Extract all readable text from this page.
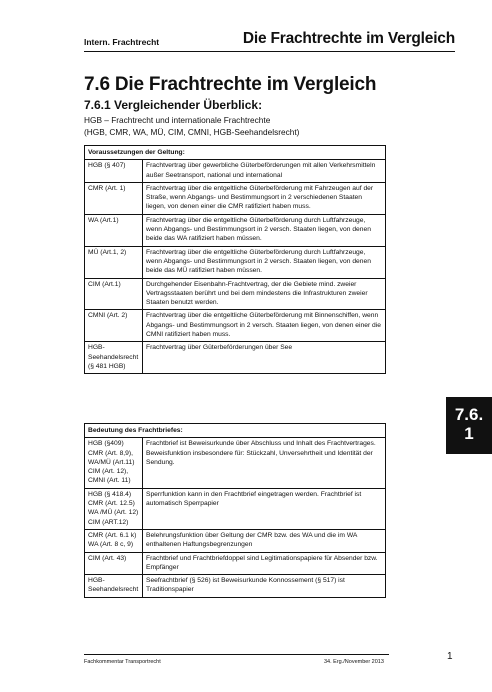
Intern. Frachtrecht	Die Frachtrechte im Vergleich
7.6 Die Frachtrechte im Vergleich
7.6.1 Vergleichender Überblick:
HGB – Frachtrecht und internationale Frachtrechte
(HGB, CMR, WA, MÜ, CIM, CMNI, HGB-Seehandelsrecht)
Voraussetzungen der Geltung:	
HGB (§ 407)	Frachtvertrag über gewerbliche Güterbeförderungen mit allen Verkehrsmitteln außer Seetransport, national und international
CMR (Art. 1)	Frachtvertrag über die entgeltliche Güterbeförderung mit Fahrzeugen auf der Straße, wenn Abgangs- und Bestimmungsort in 2 verschiedenen Staaten liegen, von denen einer die CMR ratifiziert haben muss.
WA (Art.1)	Frachtvertrag über die entgeltliche Güterbeförderung durch Luftfahrzeuge, wenn Abgangs- und Bestimmungsort in 2 versch. Staaten liegen, von denen beide das WA ratifiziert haben müssen.
MÜ (Art.1, 2)	Frachtvertrag über die entgeltliche Güterbeförderung durch Luftfahrzeuge, wenn Abgangs- und Bestimmungsort in 2 versch. Staaten liegen, von denen beide das MÜ ratifiziert haben müssen.
CIM (Art.1)	Durchgehender Eisenbahn-Frachtvertrag, der die Gebiete mind. zweier Vertragsstaaten berührt und bei dem mindestens die Infrastrukturen zweier Staaten benutzt werden.
CMNI (Art. 2)	Frachtvertrag über die entgeltliche Güterbeförderung mit Binnenschiffen, wenn Abgangs- und Bestimmungsort in 2 versch. Staaten liegen, von denen einer die CMNI ratifiziert haben muss.
HGB-Seehandelsrecht (§ 481 HGB)	Frachtvertrag über Güterbeförderungen über See
Bedeutung des Frachtbriefes:	
HGB (§409) CMR (Art. 8,9), WA/MÜ (Art.11) CIM (Art. 12), CMNI (Art. 11)	Frachtbrief ist Beweisurkunde über Abschluss und Inhalt des Frachtvertrages. Beweisfunktion insbesondere für: Stückzahl, Unversehrtheit und Identität der Sendung.
HGB (§ 418.4) CMR (Art. 12.5) WA /MÜ (Art. 12) CIM (ART.12)	Sperrfunktion kann in den Frachtbrief eingetragen werden. Frachtbrief ist automatisch Sperrpapier
CMR (Art. 6.1 k) WA (Art. 8 c, 9)	Belehrungsfunktion über Geltung der CMR bzw. des WA und die im WA enthaltenen Haftungsbegrenzungen
CIM (Art. 43)	Frachtbrief und Frachtbriefdoppel sind Legitimationspapiere für Absender bzw. Empfänger
HGB-Seehandelsrecht	Seefrachtbrief (§ 526) ist Beweisurkunde Konnossement (§ 517) ist Traditionspapier
7.6.
1
Fachkommentar Transportrecht	34. Erg./November 2013	1
